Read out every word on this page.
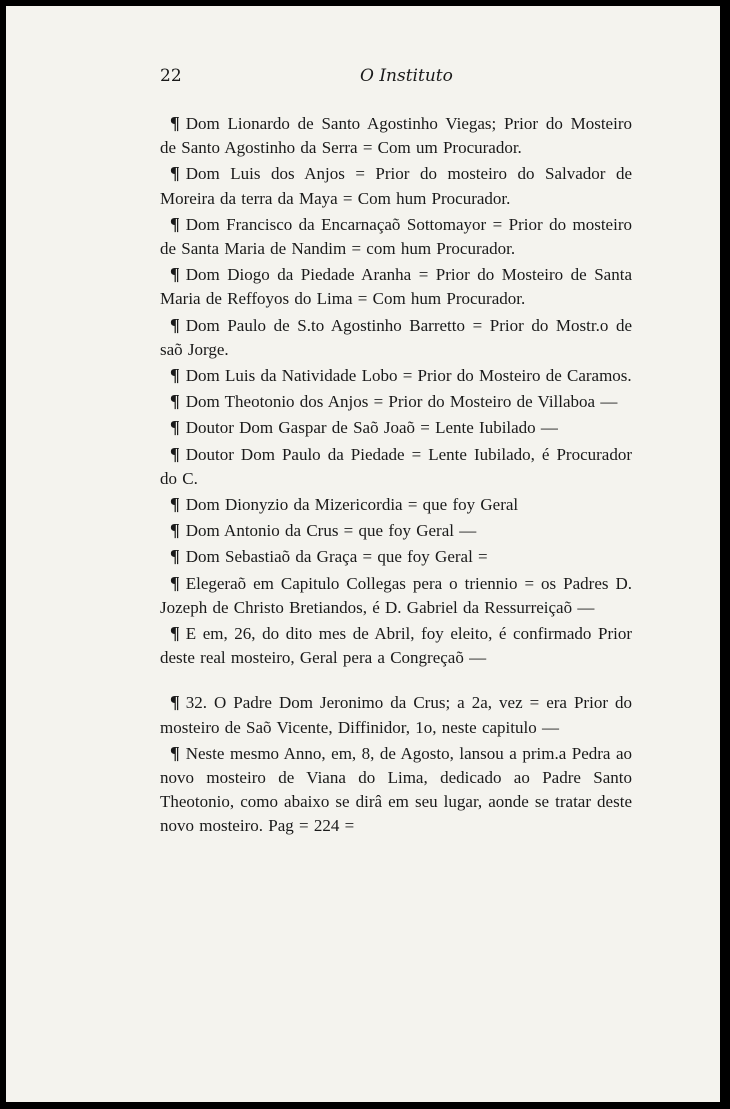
22	O Instituto

¶ Dom Lionardo de Santo Agostinho Viegas; Prior do Mosteiro de Santo Agostinho da Serra = Com um Procurador.

¶ Dom Luis dos Anjos = Prior do mosteiro do Salvador de Moreira da terra da Maya = Com hum Procurador.

¶ Dom Francisco da Encarnaçaõ Sottomayor = Prior do mosteiro de Santa Maria de Nandim = com hum Procurador.

¶ Dom Diogo da Piedade Aranha = Prior do Mosteiro de Santa Maria de Reffoyos do Lima = Com hum Procurador.

¶ Dom Paulo de S.to Agostinho Barretto = Prior do Mostr.o de saõ Jorge.

¶ Dom Luis da Natividade Lobo = Prior do Mosteiro de Caramos.

¶ Dom Theotonio dos Anjos = Prior do Mosteiro de Villaboa —

¶ Doutor Dom Gaspar de Saõ Joaõ = Lente Iubilado —

¶ Doutor Dom Paulo da Piedade = Lente Iubilado, é Procurador do C.

¶ Dom Dionyzio da Mizericordia = que foy Geral

¶ Dom Antonio da Crus = que foy Geral —

¶ Dom Sebastiaõ da Graça = que foy Geral =

¶ Elegeraõ em Capitulo Collegas pera o triennio = os Padres D. Jozeph de Christo Bretiandos, é D. Gabriel da Ressurreiçaõ —

¶ E em, 26, do dito mes de Abril, foy eleito, é confirmado Prior deste real mosteiro, Geral pera a Congreçaõ —

¶ 32. O Padre Dom Jeronimo da Crus; a 2a, vez = era Prior do mosteiro de Saõ Vicente, Diffinidor, 1o, neste capitulo —

¶ Neste mesmo Anno, em, 8, de Agosto, lansou a prim.a Pedra ao novo mosteiro de Viana do Lima, dedicado ao Padre Santo Theotonio, como abaixo se dirâ em seu lugar, aonde se tratar deste novo mosteiro. Pag = 224 =
